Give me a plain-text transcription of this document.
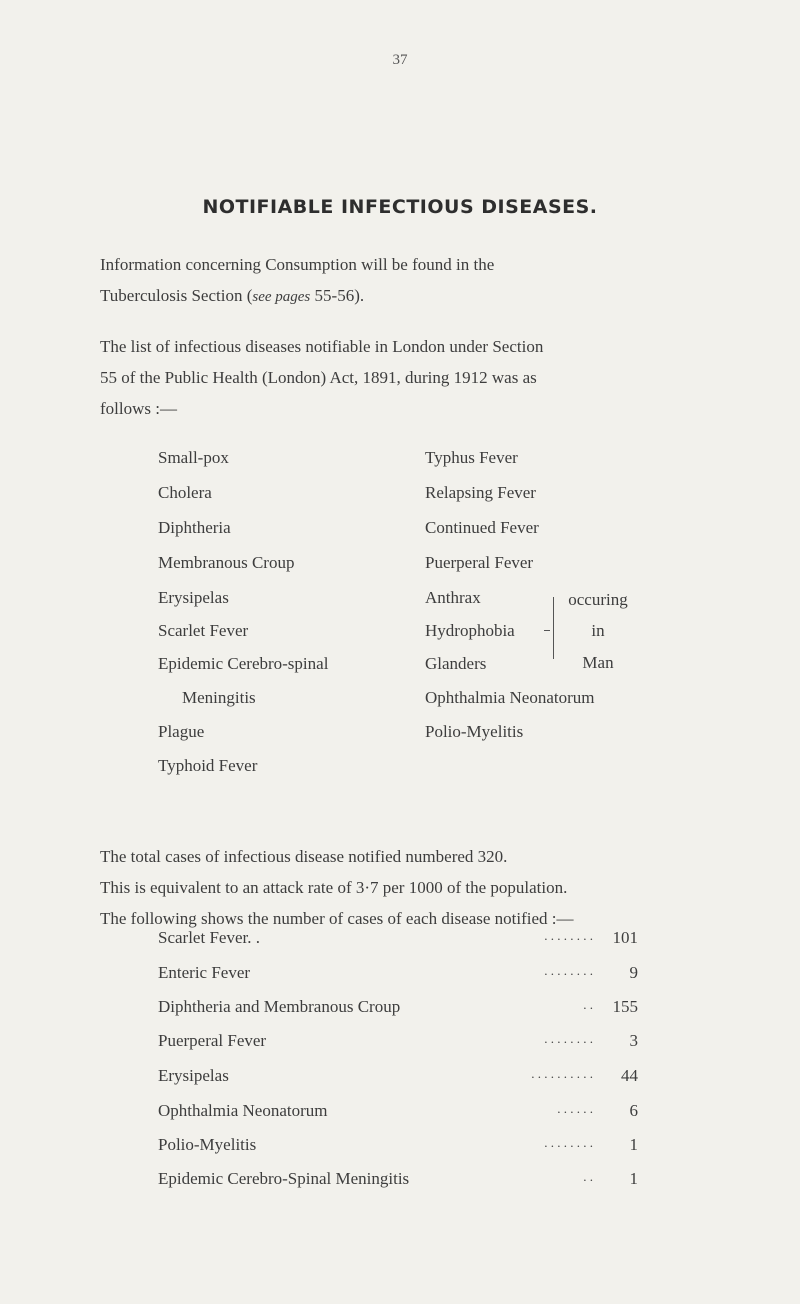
37
NOTIFIABLE INFECTIOUS DISEASES.
Information concerning Consumption will be found in the
Tuberculosis Section (see pages 55-56).
The list of infectious diseases notifiable in London under Section
55 of the Public Health (London) Act, 1891, during 1912 was as
follows :—
Small-pox
Cholera
Diphtheria
Membranous Croup
Erysipelas
Scarlet Fever
Epidemic Cerebro-spinal
Meningitis
Plague
Typhoid Fever
Typhus Fever
Relapsing Fever
Continued Fever
Puerperal Fever
Anthrax
Hydrophobia
Glanders
Ophthalmia Neonatorum
Polio-Myelitis
occuring
in
Man
The total cases of infectious disease notified numbered 320.
This is equivalent to an attack rate of 3·7 per 1000 of the population.
The following shows the number of cases of each disease notified :—
Scarlet Fever. .	. . . . . . . .	101
Enteric Fever	. . . . . . . .	9
Diphtheria and Membranous Croup	. .	155
Puerperal Fever	. . . . . . . .	3
Erysipelas	. . . . . . . . . .	44
Ophthalmia Neonatorum	. . . . . .	6
Polio-Myelitis	. . . . . . . .	1
Epidemic Cerebro-Spinal Meningitis	. .	1
